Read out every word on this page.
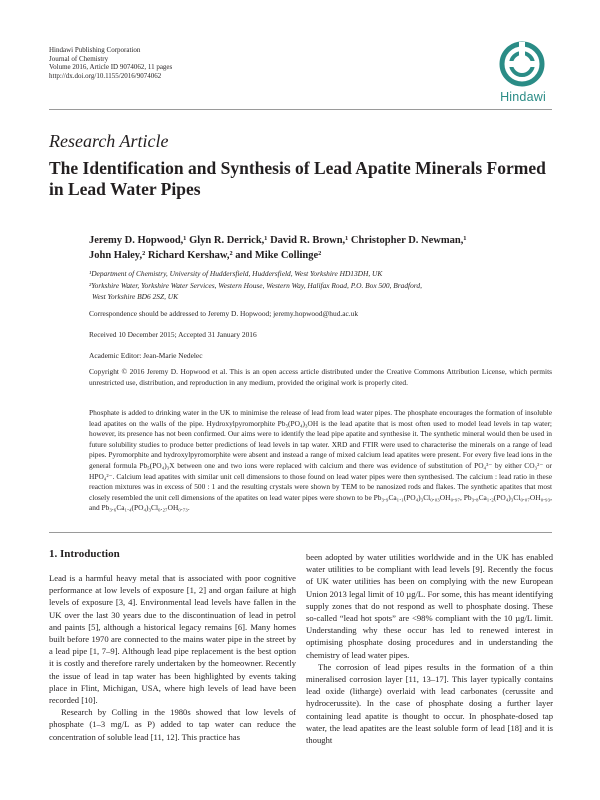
Hindawi Publishing Corporation
Journal of Chemistry
Volume 2016, Article ID 9074062, 11 pages
http://dx.doi.org/10.1155/2016/9074062
Hindawi
Research Article
The Identification and Synthesis of Lead Apatite Minerals Formed in Lead Water Pipes
Jeremy D. Hopwood,¹ Glyn R. Derrick,¹ David R. Brown,¹ Christopher D. Newman,¹
John Haley,² Richard Kershaw,² and Mike Collinge²
¹Department of Chemistry, University of Huddersfield, Huddersfield, West Yorkshire HD13DH, UK
²Yorkshire Water, Yorkshire Water Services, Western House, Western Way, Halifax Road, P.O. Box 500, Bradford,
West Yorkshire BD6 2SZ, UK
Correspondence should be addressed to Jeremy D. Hopwood; jeremy.hopwood@hud.ac.uk
Received 10 December 2015; Accepted 31 January 2016
Academic Editor: Jean-Marie Nedelec
Copyright © 2016 Jeremy D. Hopwood et al. This is an open access article distributed under the Creative Commons Attribution License, which permits unrestricted use, distribution, and reproduction in any medium, provided the original work is properly cited.
Phosphate is added to drinking water in the UK to minimise the release of lead from lead water pipes. The phosphate encourages the formation of insoluble lead apatites on the walls of the pipe. Hydroxylpyromorphite Pb₅(PO₄)₃OH is the lead apatite that is most often used to model lead levels in tap water; however, its presence has not been confirmed. Our aims were to identify the lead pipe apatite and synthesise it. The synthetic mineral would then be used in future solubility studies to produce better predictions of lead levels in tap water. XRD and FTIR were used to characterise the minerals on a range of lead pipes. Pyromorphite and hydroxylpyromorphite were absent and instead a range of mixed calcium lead apatites were present. For every five lead ions in the general formula Pb₅(PO₄)₃X between one and two ions were replaced with calcium and there was evidence of substitution of PO₄³⁻ by either CO₃²⁻ or HPO₄²⁻. Calcium lead apatites with similar unit cell dimensions to those found on lead water pipes were then synthesised. The calcium : lead ratio in these reaction mixtures was in excess of 500 : 1 and the resulting crystals were shown by TEM to be nanosized rods and flakes. The synthetic apatites that most closely resembled the unit cell dimensions of the apatites on lead water pipes were shown to be Pb₃.₉Ca₁.₁(PO₄)₃Cl₀.₀₃OH₀.₉₇, Pb₃.₈Ca₁.₂(PO₄)₃Cl₀.₀₇OH₀.₉₃, and Pb₃.₆Ca₁.₄(PO₄)₃Cl₀.₂₇OH₀.₇₃.
1. Introduction

Lead is a harmful heavy metal that is associated with poor cognitive performance at low levels of exposure [1, 2] and organ failure at high levels of exposure [3, 4]. Environmental lead levels have fallen in the UK over the last 30 years due to the discontinuation of lead in petrol and paints [5], although a historical legacy remains [6]. Many homes built before 1970 are connected to the mains water pipe in the street by a lead pipe [1, 7–9]. Although lead pipe replacement is the best option it is costly and therefore rarely undertaken by the homeowner. Recently the issue of lead in tap water has been highlighted by events taking place in Flint, Michigan, USA, where high levels of lead have been recorded [10].

Research by Colling in the 1980s showed that low levels of phosphate (1–3 mg/L as P) added to tap water can reduce the concentration of soluble lead [11, 12]. This practice has

been adopted by water utilities worldwide and in the UK has enabled water utilities to be compliant with lead levels [9]. Recently the focus of UK water utilities has been on complying with the new European Union 2013 legal limit of 10 µg/L. For some, this has meant identifying supply zones that do not respond as well to phosphate dosing. These so-called “lead hot spots” are <98% compliant with the 10 µg/L limit. Understanding why these occur has led to renewed interest in optimising phosphate dosing procedures and in understanding the chemistry of lead water pipes.

The corrosion of lead pipes results in the formation of a thin mineralised corrosion layer [11, 13–17]. This layer typically contains lead oxide (litharge) overlaid with lead carbonates (cerussite and hydrocerussite). In the case of phosphate dosing a further layer containing lead apatite is thought to occur. In phosphate-dosed tap water, the lead apatites are the least soluble form of lead [18] and it is thought
